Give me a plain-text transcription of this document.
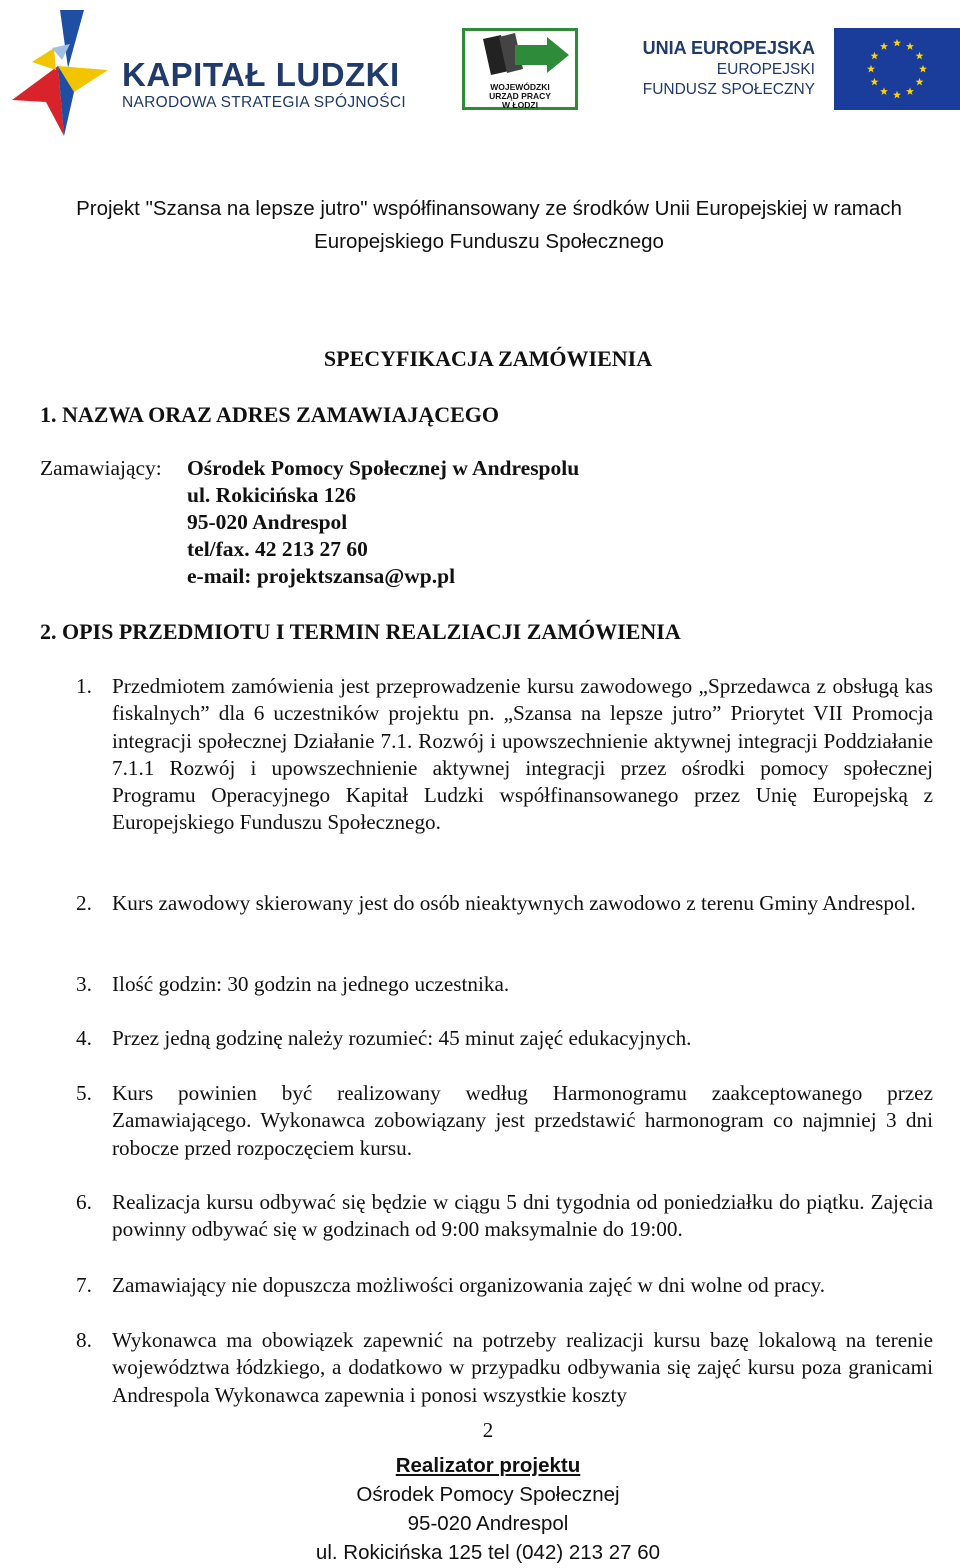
KAPITAŁ LUDZKI
NARODOWA STRATEGIA SPÓJNOŚCI
WOJEWÓDZKI
URZĄD PRACY
W ŁODZI
UNIA EUROPEJSKA
EUROPEJSKI
FUNDUSZ SPOŁECZNY
Projekt "Szansa na lepsze jutro" współfinansowany ze środków Unii Europejskiej w ramach
Europejskiego Funduszu Społecznego
SPECYFIKACJA ZAMÓWIENIA
1. NAZWA ORAZ ADRES ZAMAWIAJĄCEGO
Zamawiający: Ośrodek Pomocy Społecznej w Andrespolu
ul. Rokicińska 126
95-020 Andrespol
tel/fax. 42 213 27 60
e-mail: projektszansa@wp.pl
2. OPIS PRZEDMIOTU I TERMIN REALZIACJI ZAMÓWIENIA
1. Przedmiotem zamówienia jest przeprowadzenie kursu zawodowego „Sprzedawca z obsługą kas fiskalnych” dla 6 uczestników projektu pn. „Szansa na lepsze jutro” Priorytet VII Promocja integracji społecznej Działanie 7.1. Rozwój i upowszechnienie aktywnej integracji Poddziałanie 7.1.1 Rozwój i upowszechnienie aktywnej integracji przez ośrodki pomocy społecznej Programu Operacyjnego Kapitał Ludzki współfinansowanego przez Unię Europejską z Europejskiego Funduszu Społecznego.
2. Kurs zawodowy skierowany jest do osób nieaktywnych zawodowo z terenu Gminy Andrespol.
3. Ilość godzin: 30 godzin na jednego uczestnika.
4. Przez jedną godzinę należy rozumieć: 45 minut zajęć edukacyjnych.
5. Kurs powinien być realizowany według Harmonogramu zaakceptowanego przez Zamawiającego. Wykonawca zobowiązany jest przedstawić harmonogram co najmniej 3 dni robocze przed rozpoczęciem kursu.
6. Realizacja kursu odbywać się będzie w ciągu 5 dni tygodnia od poniedziałku do piątku. Zajęcia powinny odbywać się w godzinach od 9:00 maksymalnie do 19:00.
7. Zamawiający nie dopuszcza możliwości organizowania zajęć w dni wolne od pracy.
8. Wykonawca ma obowiązek zapewnić na potrzeby realizacji kursu bazę lokalową na terenie województwa łódzkiego, a dodatkowo w przypadku odbywania się zajęć kursu poza granicami Andrespola Wykonawca zapewnia i ponosi wszystkie koszty
2
Realizator projektu
Ośrodek Pomocy Społecznej
95-020 Andrespol
ul. Rokicińska 125 tel (042) 213 27 60
